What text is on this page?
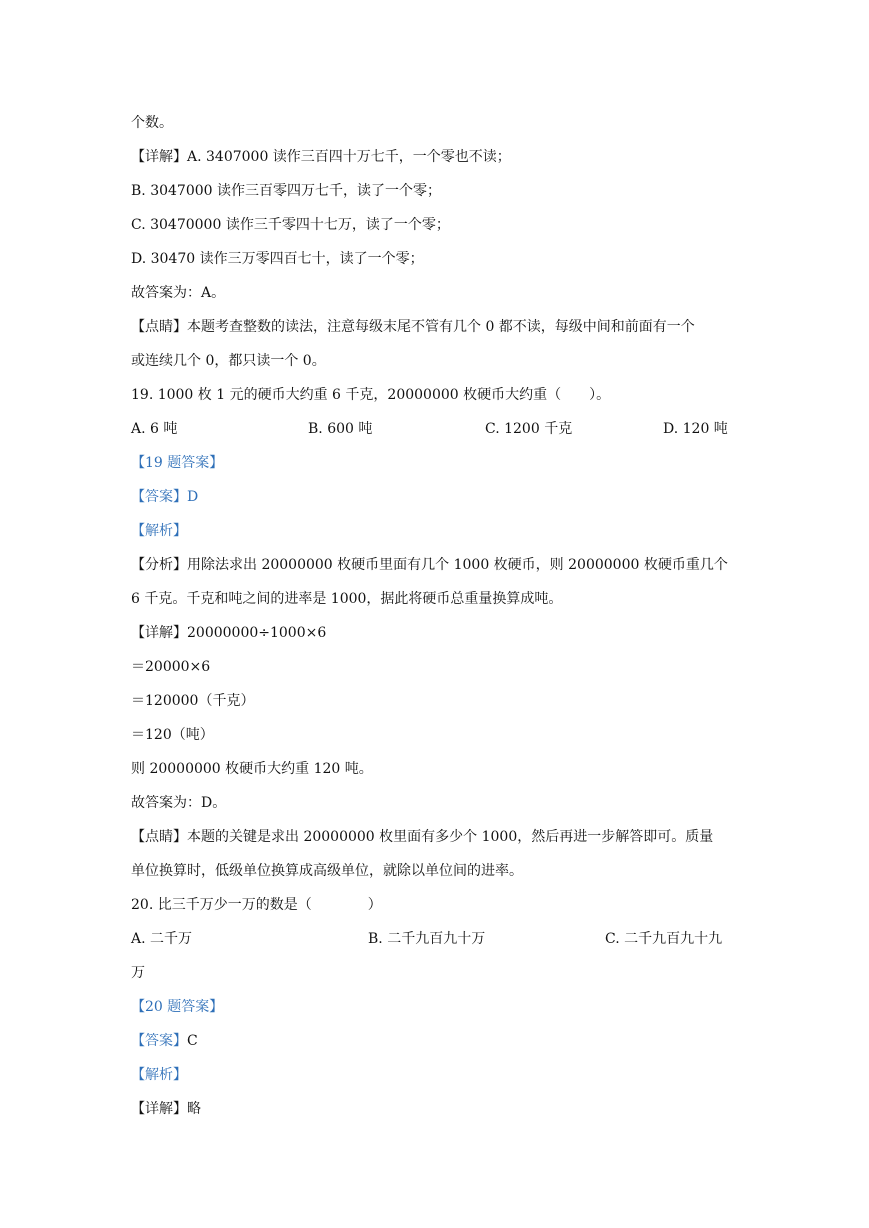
个数。
【详解】A. 3407000 读作三百四十万七千，一个零也不读；
B. 3047000 读作三百零四万七千，读了一个零；
C. 30470000 读作三千零四十七万，读了一个零；
D. 30470 读作三万零四百七十，读了一个零；
故答案为：A。
【点睛】本题考查整数的读法，注意每级末尾不管有几个 0 都不读，每级中间和前面有一个
或连续几个 0，都只读一个 0。
19. 1000 枚 1 元的硬币大约重 6 千克，20000000 枚硬币大约重（　　）。
A. 6 吨	B. 600 吨	C. 1200 千克	D. 120 吨
【19 题答案】
【答案】D
【解析】
【分析】用除法求出 20000000 枚硬币里面有几个 1000 枚硬币，则 20000000 枚硬币重几个
6 千克。千克和吨之间的进率是 1000，据此将硬币总重量换算成吨。
【详解】20000000÷1000×6
＝20000×6
＝120000（千克）
＝120（吨）
则 20000000 枚硬币大约重 120 吨。
故答案为：D。
【点睛】本题的关键是求出 20000000 枚里面有多少个 1000，然后再进一步解答即可。质量
单位换算时，低级单位换算成高级单位，就除以单位间的进率。
20. 比三千万少一万的数是（　　　　）
A. 二千万	B. 二千九百九十万	C. 二千九百九十九
万
【20 题答案】
【答案】C
【解析】
【详解】略
